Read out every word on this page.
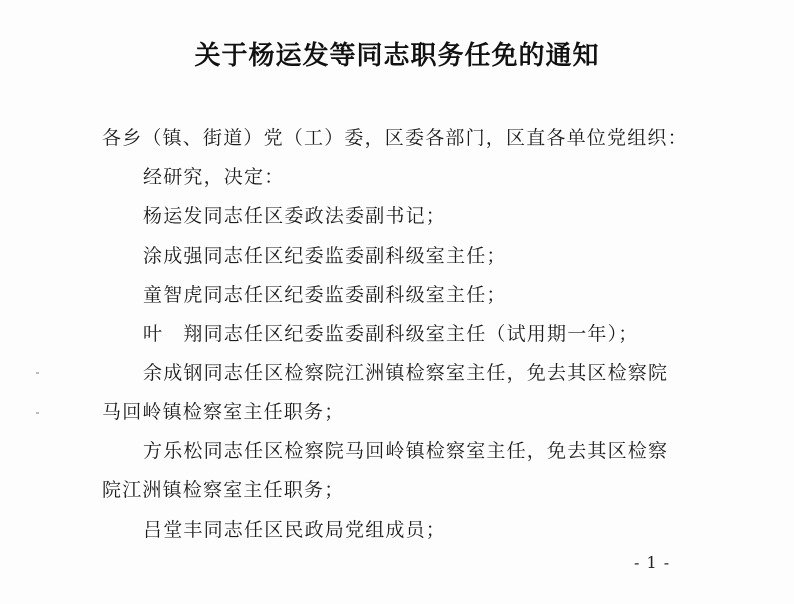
关于杨运发等同志职务任免的通知
各乡（镇、街道）党（工）委，区委各部门，区直各单位党组织：
经研究，决定：
杨运发同志任区委政法委副书记；
涂成强同志任区纪委监委副科级室主任；
童智虎同志任区纪委监委副科级室主任；
叶　翔同志任区纪委监委副科级室主任（试用期一年）；
余成钢同志任区检察院江洲镇检察室主任，免去其区检察院
马回岭镇检察室主任职务；
方乐松同志任区检察院马回岭镇检察室主任，免去其区检察
院江洲镇检察室主任职务；
吕堂丰同志任区民政局党组成员；
- 1 -
